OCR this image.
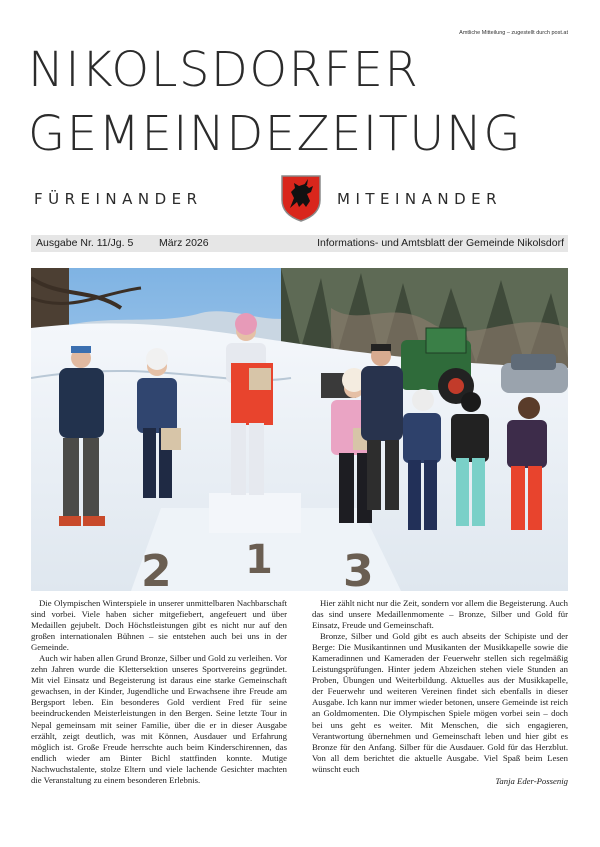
Amtliche Mitteilung – zugestellt durch post.at
NIKOLSDORFER
GEMEINDEZEITUNG
FÜREINANDER	MITEINANDER
Ausgabe Nr. 11/Jg. 5 März 2026	Informations- und Amtsblatt der Gemeinde Nikolsdorf
2 1 3

Die Olympischen Winterspiele in unserer unmittelbaren Nachbarschaft sind vorbei. Viele haben sicher mitgefiebert, angefeuert und über Medaillen gejubelt. Doch Höchstleistungen gibt es nicht nur auf den großen internationalen Bühnen – sie entstehen auch bei uns in der Gemeinde.

Auch wir haben allen Grund Bronze, Silber und Gold zu verleihen. Vor zehn Jahren wurde die Klettersektion unseres Sportvereins gegründet. Mit viel Einsatz und Begeisterung ist daraus eine starke Gemeinschaft gewachsen, in der Kinder, Jugendliche und Erwachsene ihre Freude am Bergsport leben. Ein besonderes Gold verdient Fred für seine beeindruckenden Meisterleistungen in den Bergen. Seine letzte Tour in Nepal gemeinsam mit seiner Familie, über die er in dieser Ausgabe erzählt, zeigt deutlich, was mit Können, Ausdauer und Erfahrung möglich ist. Große Freude herrschte auch beim Kinderschirennen, das endlich wieder am Binter Bichl stattfinden konnte. Mutige Nachwuchstalente, stolze Eltern und viele lachende Gesichter machten die Veranstaltung zu einem besonderen Erlebnis.

Hier zählt nicht nur die Zeit, sondern vor allem die Begeisterung. Auch das sind unsere Medaillenmomente – Bronze, Silber und Gold für Einsatz, Freude und Gemeinschaft.

Bronze, Silber und Gold gibt es auch abseits der Schipiste und der Berge: Die Musikantinnen und Musikanten der Musikkapelle sowie die Kameradinnen und Kameraden der Feuerwehr stellen sich regelmäßig Leistungsprüfungen. Hinter jedem Abzeichen stehen viele Stunden an Proben, Übungen und Weiterbildung. Aktuelles aus der Musikkapelle, der Feuerwehr und weiteren Vereinen findet sich ebenfalls in dieser Ausgabe. Ich kann nur immer wieder betonen, unsere Gemeinde ist reich an Goldmomenten. Die Olympischen Spiele mögen vorbei sein – doch bei uns geht es weiter. Mit Menschen, die sich engagieren, Verantwortung übernehmen und Gemeinschaft leben und hier gibt es Bronze für den Anfang. Silber für die Ausdauer. Gold für das Herzblut. Von all dem berichtet die aktuelle Ausgabe. Viel Spaß beim Lesen wünscht euch

Tanja Eder-Possenig
